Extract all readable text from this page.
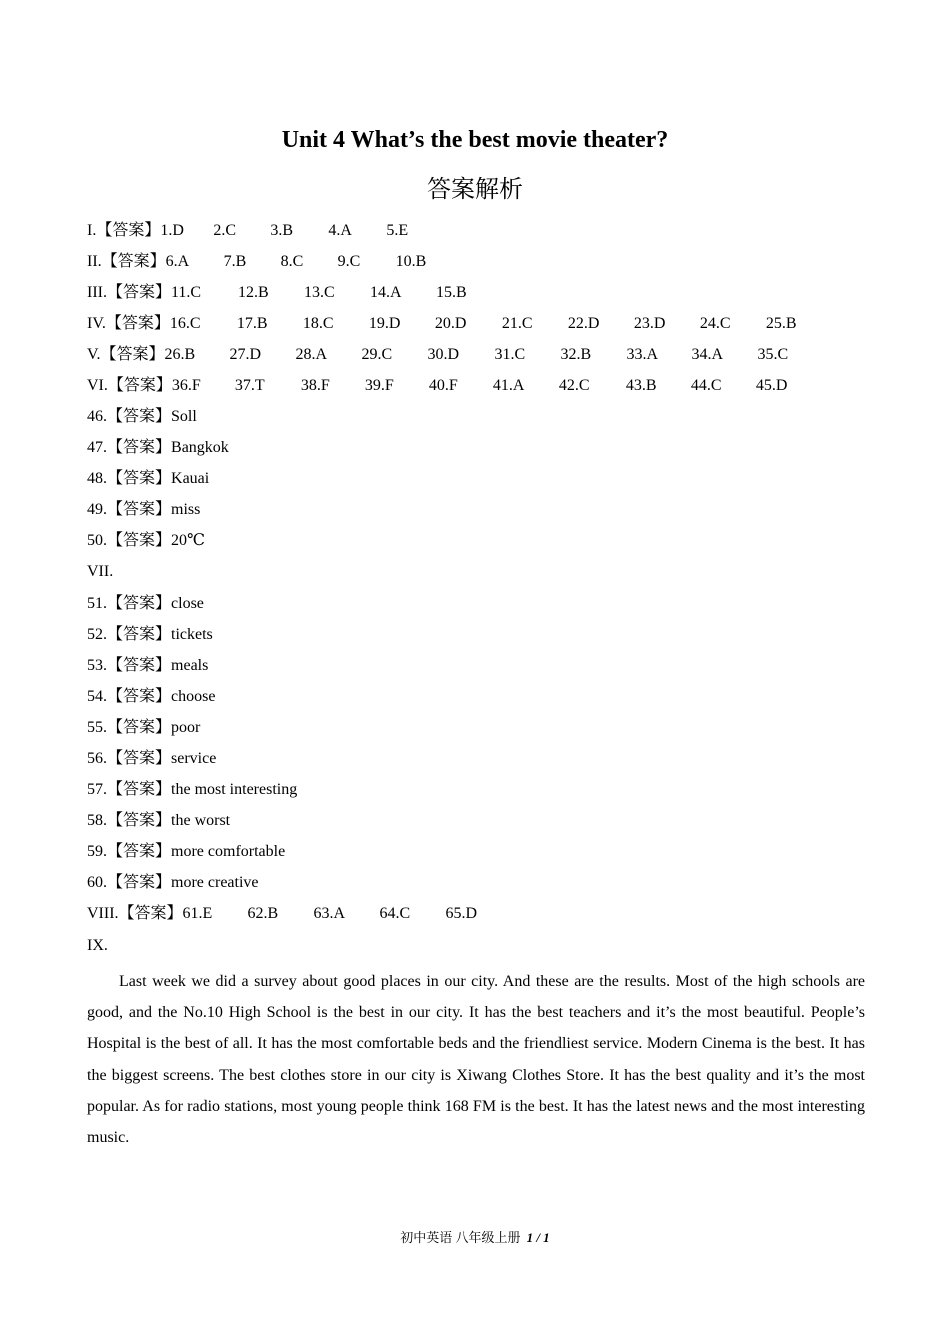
Unit 4 What’s the best movie theater?
答案解析
I.【答案】1.D 2.C 3.B 4.A 5.E
II.【答案】6.A 7.B 8.C 9.C 10.B
III.【答案】11.C 12.B 13.C 14.A 15.B
IV.【答案】16.C 17.B 18.C 19.D 20.D 21.C 22.D 23.D 24.C 25.B
V.【答案】26.B 27.D 28.A 29.C 30.D 31.C 32.B 33.A 34.A 35.C
VI.【答案】36.F 37.T 38.F 39.F 40.F 41.A 42.C 43.B 44.C 45.D
46.【答案】Soll
47.【答案】Bangkok
48.【答案】Kauai
49.【答案】miss
50.【答案】20℃
VII.
51.【答案】close
52.【答案】tickets
53.【答案】meals
54.【答案】choose
55.【答案】poor
56.【答案】service
57.【答案】the most interesting
58.【答案】the worst
59.【答案】more comfortable
60.【答案】more creative
VIII.【答案】61.E 62.B 63.A 64.C 65.D
IX.

Last week we did a survey about good places in our city. And these are the results. Most of the high schools are good, and the No.10 High School is the best in our city. It has the best teachers and it’s the most beautiful. People’s Hospital is the best of all. It has the most comfortable beds and the friendliest service. Modern Cinema is the best. It has the biggest screens. The best clothes store in our city is Xiwang Clothes Store. It has the best quality and it’s the most popular. As for radio stations, most young people think 168 FM is the best. It has the latest news and the most interesting music.

初中英语 八年级上册 1 / 1
